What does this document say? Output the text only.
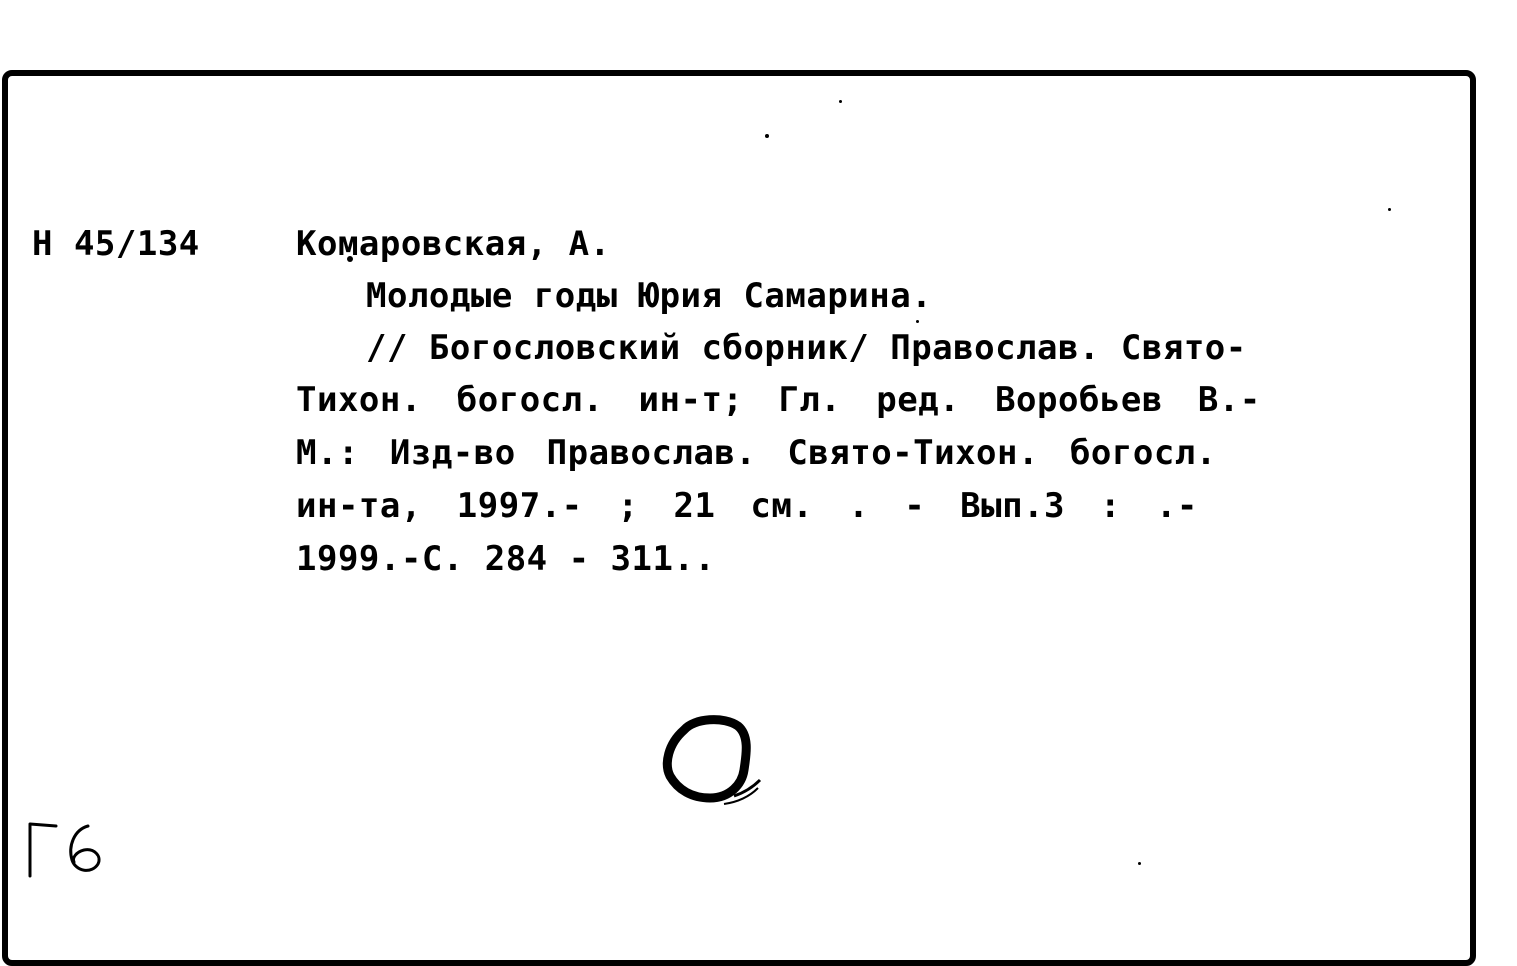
Н 45/134	Комаровская, А.
Молодые годы Юрия Самарина.
// Богословский сборник/ Православ. Свято-
Тихон. богосл. ин-т; Гл. ред. Воробьев В.-
М.: Изд-во Православ. Свято-Тихон. богосл.
ин-та, 1997.- ; 21 см. . - Вып.3 : .-
1999.-С. 284 - 311..
